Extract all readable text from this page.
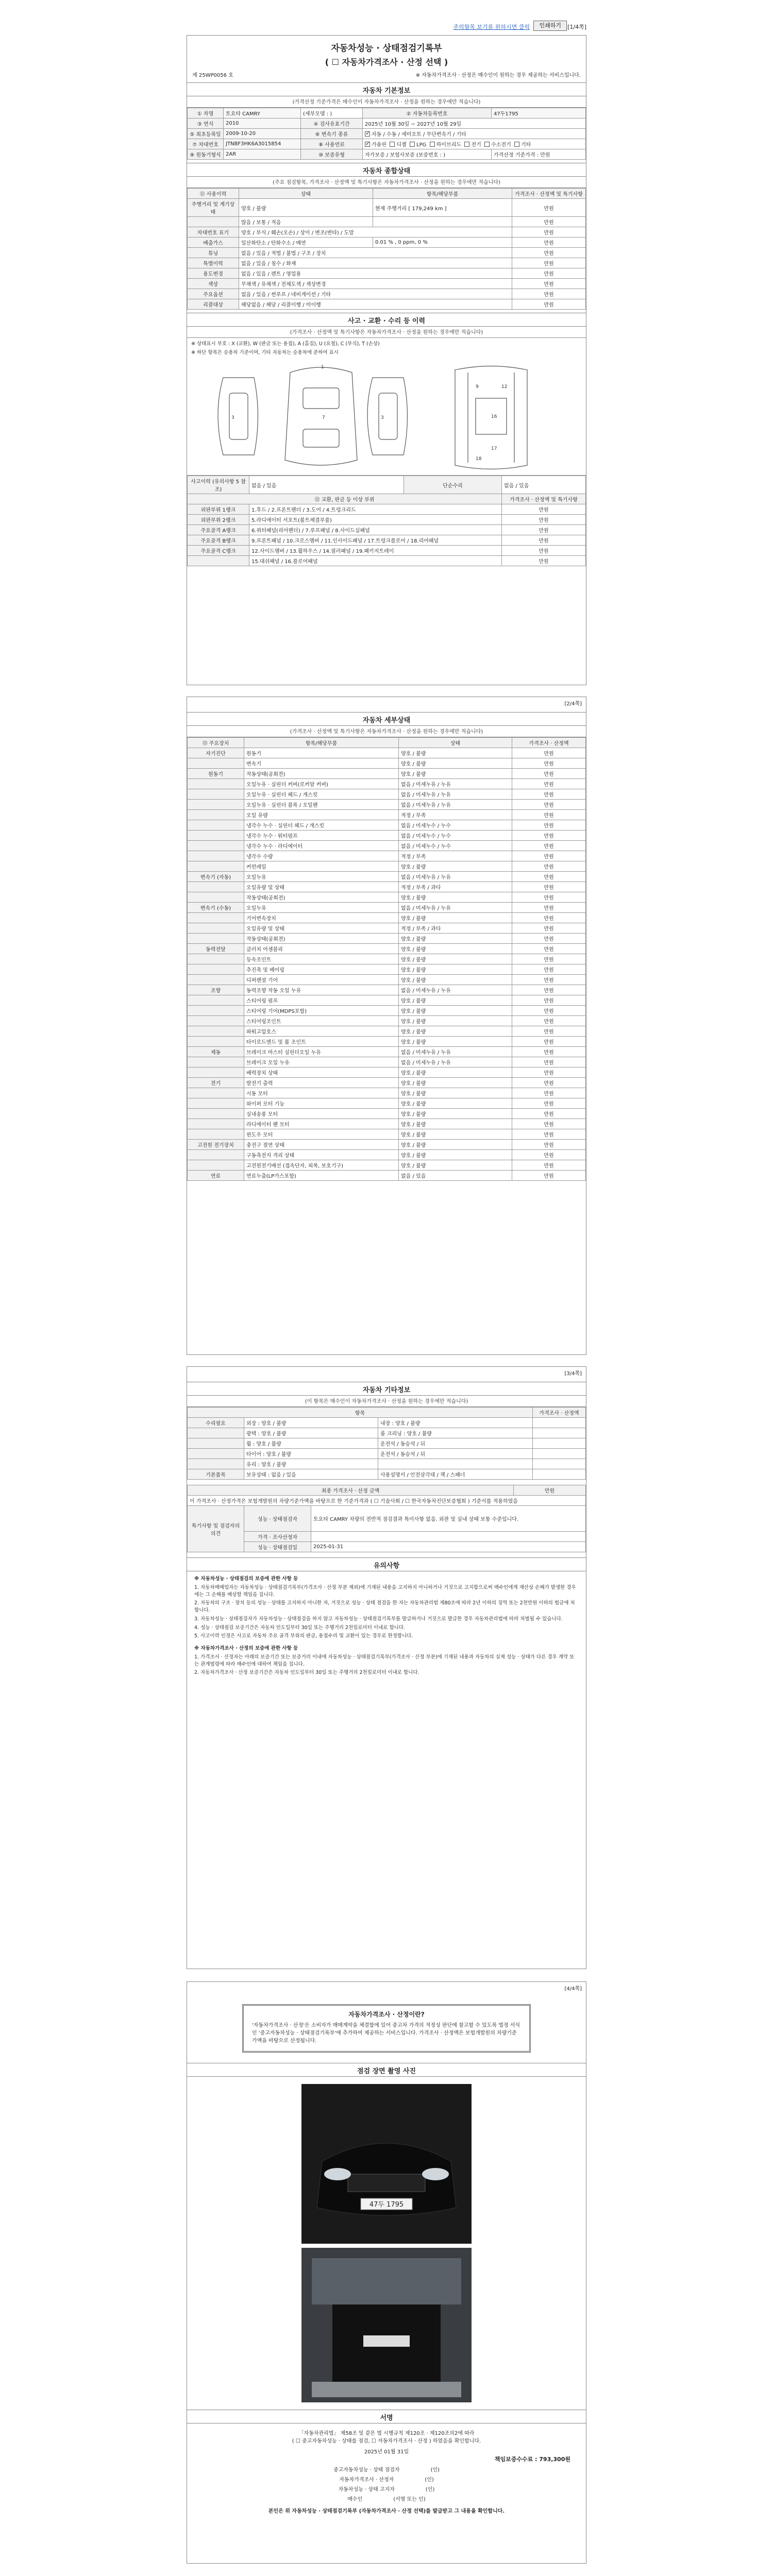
주의항목 보기를 원하시면 클릭	인쇄하기	[1/4쪽]
자동차성능 · 상태점검기록부
( ☐ 자동차가격조사 · 산정 선택 )
제 25WP0056 호	※ 자동차가격조사 · 산정은 매수인이 원하는 경우 제공하는 서비스입니다.
자동차 기본정보
(가격산정 기준가격은 매수인이 자동차가격조사 · 산정을 원하는 경우에만 적습니다)
① 차명	토요타 CAMRY	(세부모델 : )	② 자동차등록번호	47두1795
③ 연식	2010	④ 검사유효기간	2025년 10월 30일 ~ 2027년 10월 29일	
⑤ 최초등록일	2009-10-20	⑥ 변속기 종류	✓자동 / 수동 / 세미오토 / 무단변속기 / 기타
⑦ 차대번호	JTNBF3HK6A3015854	⑧ 사용연료	✓가솔린 디젤 LPG 하이브리드 전기 수소전기 기타
⑨ 원동기형식	2AR	⑩ 보증유형	자가보증 / 보험사보증 (보증번호 : )	가격산정 기준가격 : 만원
자동차 종합상태
(주요 점검항목, 가격조사 · 산정액 및 특기사항은 자동차가격조사 · 산정을 원하는 경우에만 적습니다)
⑪ 사용이력	상태	항목/해당부품	가격조사 · 산정액 및 특기사항
주행거리 및 계기상태	양호 / 불량	현재 주행거리 [ 179,249 km ]	만원
	많음 / 보통 / 적음		만원
차대번호 표기	양호 / 부식 / 훼손(오손) / 상이 / 변조(변타) / 도말		만원
배출가스	일산화탄소 / 탄화수소 / 매연	0.01 % , 0 ppm, 0 %	만원
튜닝	없음 / 있음 / 적법 / 불법 / 구조 / 장치		만원
특별이력	없음 / 있음 / 침수 / 화재		만원
용도변경	없음 / 있음 / 렌트 / 영업용		만원
색상	무채색 / 유채색 / 전체도색 / 색상변경		만원
주요옵션	없음 / 있음 / 썬루프 / 네비게이션 / 기타		만원
리콜대상	해당없음 / 해당 / 리콜이행 / 미이행		만원
사고 · 교환 · 수리 등 이력
(가격조사 · 산정액 및 특기사항은 자동차가격조사 · 산정을 원하는 경우에만 적습니다)
※ 상태표시 부호 : X (교환), W (판금 또는 용접), A (흠집), U (요철), C (부식), T (손상)
※ 하단 항목은 승용차 기준이며, 기타 자동차는 승용차에 준하여 표시
1
7	16
3	3
9	12
17
18
사고이력 (유의사항 5 참조)	없음 / 있음	단순수리	없음 / 있음
⑫ 교환, 판금 등 이상 부위			가격조사 · 산정액 및 특기사항
외판부위 1랭크	1.후드 / 2.프론트펜더 / 3.도어 / 4.트렁크리드		만원
외판부위 2랭크	5.라디에이터 서포트(볼트체결부품)		만원
주요골격 A랭크	6.쿼터패널(리어펜더) / 7.루프패널 / 8.사이드실패널		만원
주요골격 B랭크	9.프론트패널 / 10.크로스멤버 / 11.인사이드패널 / 17.트렁크플로어 / 18.리어패널		만원
주요골격 C랭크	12.사이드멤버 / 13.휠하우스 / 14.필러패널 / 19.패키지트레이		만원
	15.대쉬패널 / 16.플로어패널		만원
[2/4쪽]
자동차 세부상태
(가격조사 · 산정액 및 특기사항은 자동차가격조사 · 산정을 원하는 경우에만 적습니다)
⑬ 주요장치	항목/해당부품	상태	가격조사 · 산정액
자기진단	원동기	양호 / 불량	만원
	변속기	양호 / 불량	만원
원동기	작동상태(공회전)	양호 / 불량	만원
	오일누유 · 실린더 커버(로커암 커버)	없음 / 미세누유 / 누유	만원
	오일누유 · 실린더 헤드 / 개스킷	없음 / 미세누유 / 누유	만원
	오일누유 · 실린더 블록 / 오일팬	없음 / 미세누유 / 누유	만원
	오일 유량	적정 / 부족	만원
	냉각수 누수 · 실린더 헤드 / 개스킷	없음 / 미세누수 / 누수	만원
	냉각수 누수 · 워터펌프	없음 / 미세누수 / 누수	만원
	냉각수 누수 · 라디에이터	없음 / 미세누수 / 누수	만원
	냉각수 수량	적정 / 부족	만원
	커먼레일	양호 / 불량	만원
변속기 (자동)	오일누유	없음 / 미세누유 / 누유	만원
	오일유량 및 상태	적정 / 부족 / 과다	만원
	작동상태(공회전)	양호 / 불량	만원
변속기 (수동)	오일누유	없음 / 미세누유 / 누유	만원
	기어변속장치	양호 / 불량	만원
	오일유량 및 상태	적정 / 부족 / 과다	만원
	작동상태(공회전)	양호 / 불량	만원
동력전달	클러치 어셈블리	양호 / 불량	만원
	등속조인트	양호 / 불량	만원
	추진축 및 베어링	양호 / 불량	만원
	디퍼렌셜 기어	양호 / 불량	만원
조향	동력조향 작동 오일 누유	없음 / 미세누유 / 누유	만원
	스티어링 펌프	양호 / 불량	만원
	스티어링 기어(MDPS포함)	양호 / 불량	만원
	스티어링조인트	양호 / 불량	만원
	파워고압호스	양호 / 불량	만원
	타이로드엔드 및 볼 조인트	양호 / 불량	만원
제동	브레이크 마스터 실린더오일 누유	없음 / 미세누유 / 누유	만원
	브레이크 오일 누유	없음 / 미세누유 / 누유	만원
	배력장치 상태	양호 / 불량	만원
전기	발전기 출력	양호 / 불량	만원
	시동 모터	양호 / 불량	만원
	와이퍼 모터 기능	양호 / 불량	만원
	실내송풍 모터	양호 / 불량	만원
	라디에이터 팬 모터	양호 / 불량	만원
	윈도우 모터	양호 / 불량	만원
고전원 전기장치	충전구 절연 상태	양호 / 불량	만원
	구동축전지 격리 상태	양호 / 불량	만원
	고전원전기배선 (접속단자, 피복, 보호기구)	양호 / 불량	만원
연료	연료누출(LP가스포함)	없음 / 있음	만원
[3/4쪽]
자동차 기타정보
(이 항목은 매수인이 자동차가격조사 · 산정을 원하는 경우에만 적습니다)
항목			가격조사 · 산정액
수리필요	외장 : 양호 / 불량	내장 : 양호 / 불량	
	광택 : 양호 / 불량	룸 크리닝 : 양호 / 불량	
	휠 : 양호 / 불량	운전석 / 동승석 / 뒤	
	타이어 : 양호 / 불량	운전석 / 동승석 / 뒤	
	유리 : 양호 / 불량		
기본품목	보유상태 : 없음 / 있음	사용설명서 / 안전삼각대 / 잭 / 스패너	
최종 가격조사 · 산정 금액			만원
이 가격조사 · 산정가격은 보험개발원의 차량기준가액을 바탕으로 한 기준가격과 ( ☐ 기술사회 / ☐ 한국자동차진단보증협회 ) 기준서를 적용하였음			
특기사항 및 점검자의 의견	성능 · 상태점검자	토요타 CAMRY 차량의 전반적 점검결과 특이사항 없음. 외관 및 실내 상태 보통 수준입니다.	
	가격 · 조사산정자		
	성능 · 상태점검일	2025-01-31	
유의사항

※ 자동차성능 · 상태점검의 보증에 관한 사항 등

1. 자동차매매업자는 자동차성능 · 상태점검기록부(가격조사 · 산정 부분 제외)에 기재된 내용을 고지하지 아니하거나 거짓으로 고지함으로써 매수인에게 재산상 손해가 발생한 경우에는 그 손해를 배상할 책임을 집니다.

2. 자동차의 구조 · 장치 등의 성능 · 상태를 고지하지 아니한 자, 거짓으로 성능 · 상태 점검을 한 자는 자동차관리법 제80조에 따라 2년 이하의 징역 또는 2천만원 이하의 벌금에 처합니다.

3. 자동차성능 · 상태점검자가 자동차성능 · 상태점검을 하지 않고 자동차성능 · 상태점검기록부를 발급하거나 거짓으로 발급한 경우 자동차관리법에 따라 처벌될 수 있습니다.

4. 성능 · 상태점검 보증기간은 자동차 인도일부터 30일 또는 주행거리 2천킬로미터 이내로 합니다.

5. 사고이력 인정은 사고로 자동차 주요 골격 부위의 판금, 용접수리 및 교환이 있는 경우로 한정합니다.

※ 자동차가격조사 · 산정의 보증에 관한 사항 등

1. 가격조사 · 산정자는 아래의 보증기간 또는 보증거리 이내에 자동차성능 · 상태점검기록부(가격조사 · 산정 부분)에 기재된 내용과 자동차의 실제 성능 · 상태가 다른 경우 계약 또는 관계법령에 따라 매수인에 대하여 책임을 집니다.

2. 자동차가격조사 · 산정 보증기간은 자동차 인도일부터 30일 또는 주행거리 2천킬로미터 이내로 합니다.

[4/4쪽]
자동차가격조사 · 산정이란?
'자동차가격조사 · 산정'은 소비자가 매매계약을 체결함에 있어 중고차 가격의 적정성 판단에 참고할 수 있도록 법정 서식인 '중고자동차성능 · 상태점검기록부'에 추가하여 제공하는 서비스입니다. 가격조사 · 산정액은 보험개발원의 차량기준가액을 바탕으로 산정됩니다.
점검 장면 촬영 사진
47두 1795
서명
「자동차관리법」 제58조 및 같은 법 시행규칙 제120조 · 제120조의2에 따라
( ☐ 중고자동차성능 · 상태를 점검, ☐ 자동차가격조사 · 산정 ) 하였음을 확인합니다.
2025년 01월 31일
책임보증수수료 : 793,300원
중고자동차성능 · 상태 점검자	(인)
자동차가격조사 · 산정자	(인)
자동차성능 · 상태 고지자	(인)
매수인	(서명 또는 인)
본인은 위 자동차성능 · 상태점검기록부 (자동차가격조사 · 산정 선택)를 발급받고 그 내용을 확인합니다.
